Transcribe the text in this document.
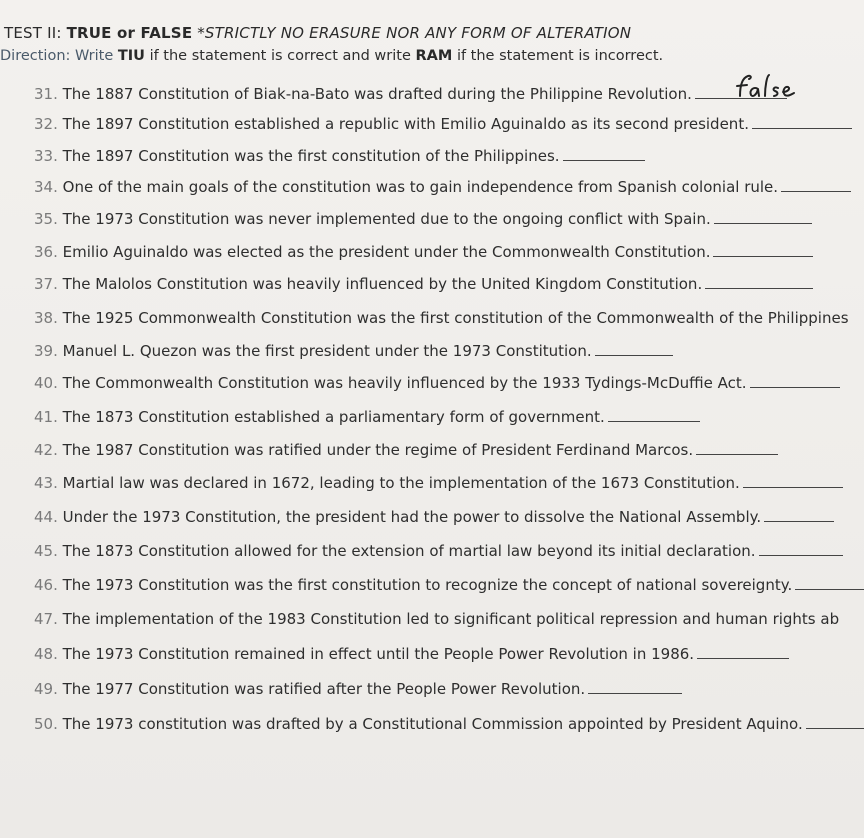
TEST II: TRUE or FALSE *STRICTLY NO ERASURE NOR ANY FORM OF ALTERATION
Direction: Write TIU if the statement is correct and write RAM if the statement is incorrect.
31. The 1887 Constitution of Biak-na-Bato was drafted during the Philippine Revolution.
32. The 1897 Constitution established a republic with Emilio Aguinaldo as its second president.
33. The 1897 Constitution was the first constitution of the Philippines.
34. One of the main goals of the constitution was to gain independence from Spanish colonial rule.
35. The 1973 Constitution was never implemented due to the ongoing conflict with Spain.
36. Emilio Aguinaldo was elected as the president under the Commonwealth Constitution.
37. The Malolos Constitution was heavily influenced by the United Kingdom Constitution.
38. The 1925 Commonwealth Constitution was the first constitution of the Commonwealth of the Philippines
39. Manuel L. Quezon was the first president under the 1973 Constitution.
40. The Commonwealth Constitution was heavily influenced by the 1933 Tydings-McDuffie Act.
41. The 1873 Constitution established a parliamentary form of government.
42. The 1987 Constitution was ratified under the regime of President Ferdinand Marcos.
43. Martial law was declared in 1672, leading to the implementation of the 1673 Constitution.
44. Under the 1973 Constitution, the president had the power to dissolve the National Assembly.
45. The 1873 Constitution allowed for the extension of martial law beyond its initial declaration.
46. The 1973 Constitution was the first constitution to recognize the concept of national sovereignty.
47. The implementation of the 1983 Constitution led to significant political repression and human rights ab
48. The 1973 Constitution remained in effect until the People Power Revolution in 1986.
49. The 1977 Constitution was ratified after the People Power Revolution.
50. The 1973 constitution was drafted by a Constitutional Commission appointed by President Aquino.
